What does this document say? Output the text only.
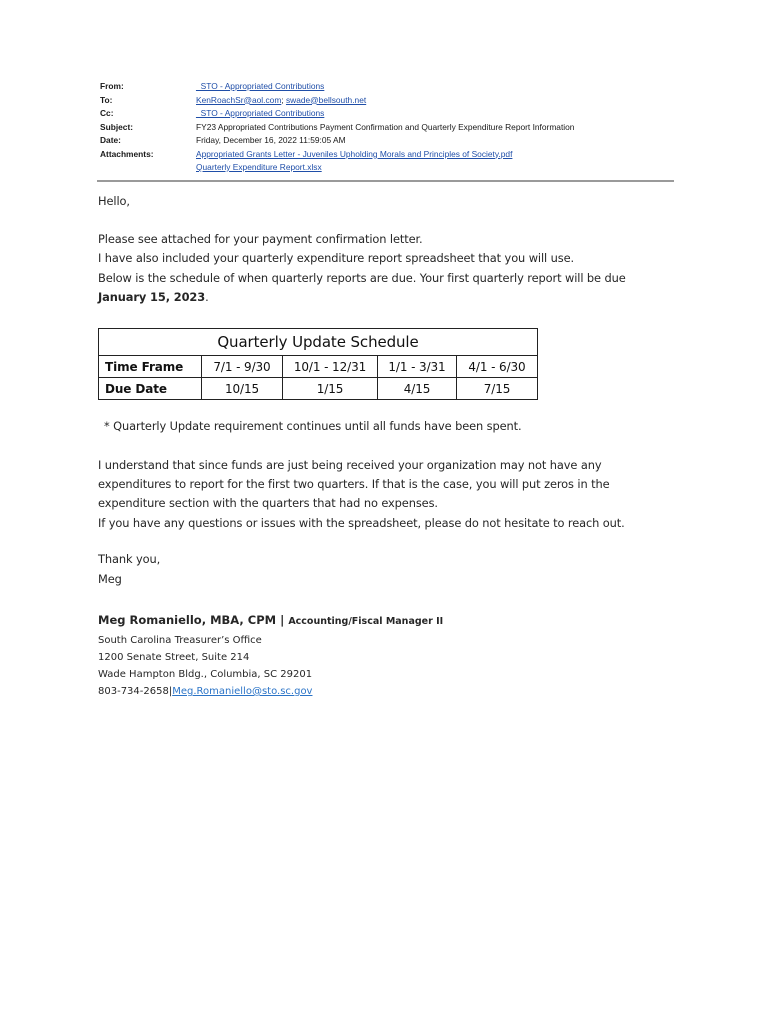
From:	_STO - Appropriated Contributions
To:	KenRoachSr@aol.com; swade@bellsouth.net
Cc:	_STO - Appropriated Contributions
Subject:	FY23 Appropriated Contributions Payment Confirmation and Quarterly Expenditure Report Information
Date:	Friday, December 16, 2022 11:59:05 AM
Attachments:	Appropriated Grants Letter - Juveniles Upholding Morals and Principles of Society.pdf
Quarterly Expenditure Report.xlsx
Hello,
Please see attached for your payment confirmation letter.
I have also included your quarterly expenditure report spreadsheet that you will use.
Below is the schedule of when quarterly reports are due. Your first quarterly report will be due
January 15, 2023.
Quarterly Update Schedule				
Time Frame	7/1 - 9/30	10/1 - 12/31	1/1 - 3/31	4/1 - 6/30
Due Date	10/15	1/15	4/15	7/15
* Quarterly Update requirement continues until all funds have been spent.
I understand that since funds are just being received your organization may not have any
expenditures to report for the first two quarters. If that is the case, you will put zeros in the
expenditure section with the quarters that had no expenses.
If you have any questions or issues with the spreadsheet, please do not hesitate to reach out.
Thank you,
Meg
Meg Romaniello, MBA, CPM | Accounting/Fiscal Manager II
South Carolina Treasurer’s Office
1200 Senate Street, Suite 214
Wade Hampton Bldg., Columbia, SC 29201
803-734-2658|Meg.Romaniello@sto.sc.gov
